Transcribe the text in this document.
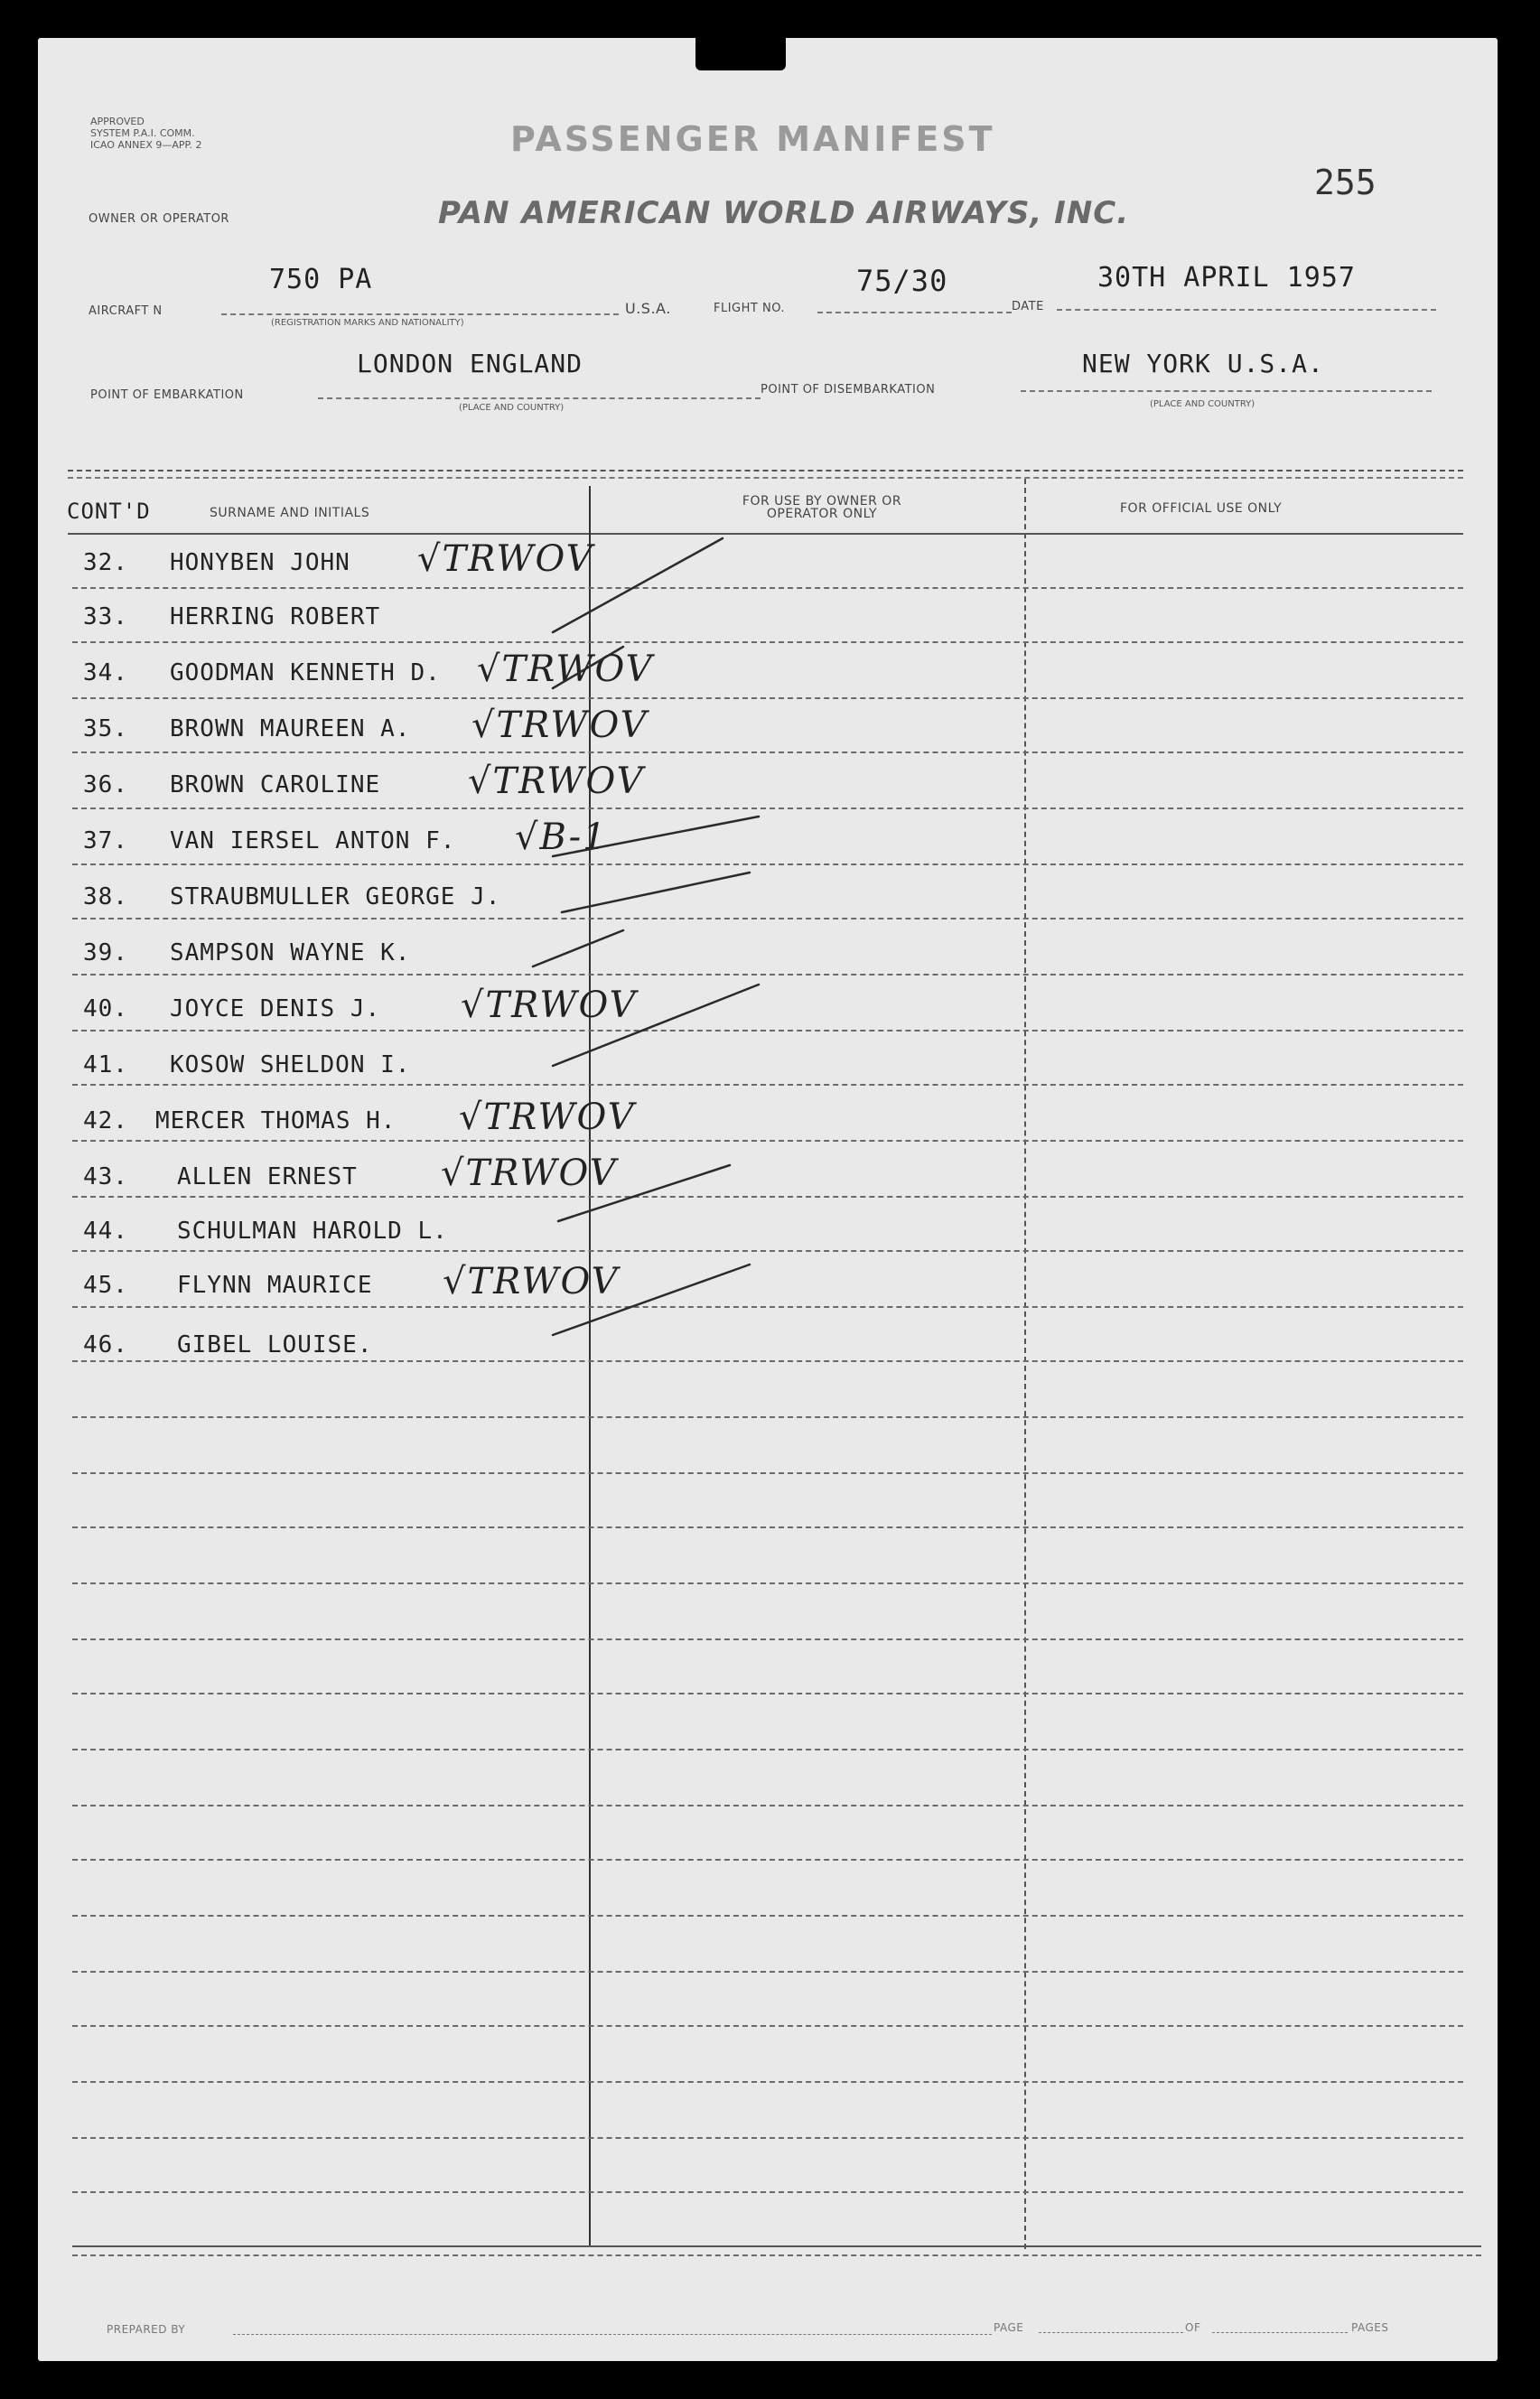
APPROVED
SYSTEM P.A.I. COMM.
ICAO ANNEX 9—APP. 2	PASSENGER MANIFEST
255
OWNER OR OPERATOR	PAN AMERICAN WORLD AIRWAYS, INC.
AIRCRAFT N
750 PA
(REGISTRATION MARKS AND NATIONALITY)
U.S.A.	FLIGHT NO.
75/30
DATE
30TH APRIL 1957
POINT OF EMBARKATION
LONDON ENGLAND
(PLACE AND COUNTRY)
POINT OF DISEMBARKATION
NEW YORK U.S.A.
(PLACE AND COUNTRY)
CONT'D	SURNAME AND INITIALS
FOR USE BY OWNER OR OPERATOR ONLY	FOR OFFICIAL USE ONLY
32. HONYBEN JOHN √TRWOV
33. HERRING ROBERT
34. GOODMAN KENNETH D. √TRWOV
35. BROWN MAUREEN A. √TRWOV
36. BROWN CAROLINE √TRWOV
37. VAN IERSEL ANTON F. √B-1
38. STRAUBMULLER GEORGE J.
39. SAMPSON WAYNE K.
40. JOYCE DENIS J. √TRWOV
41. KOSOW SHELDON I.
42. MERCER THOMAS H. √TRWOV
43. ALLEN ERNEST √TRWOV
44. SCHULMAN HAROLD L.
45. FLYNN MAURICE √TRWOV
46. GIBEL LOUISE.
PREPARED BY	PAGE	OF	PAGES
